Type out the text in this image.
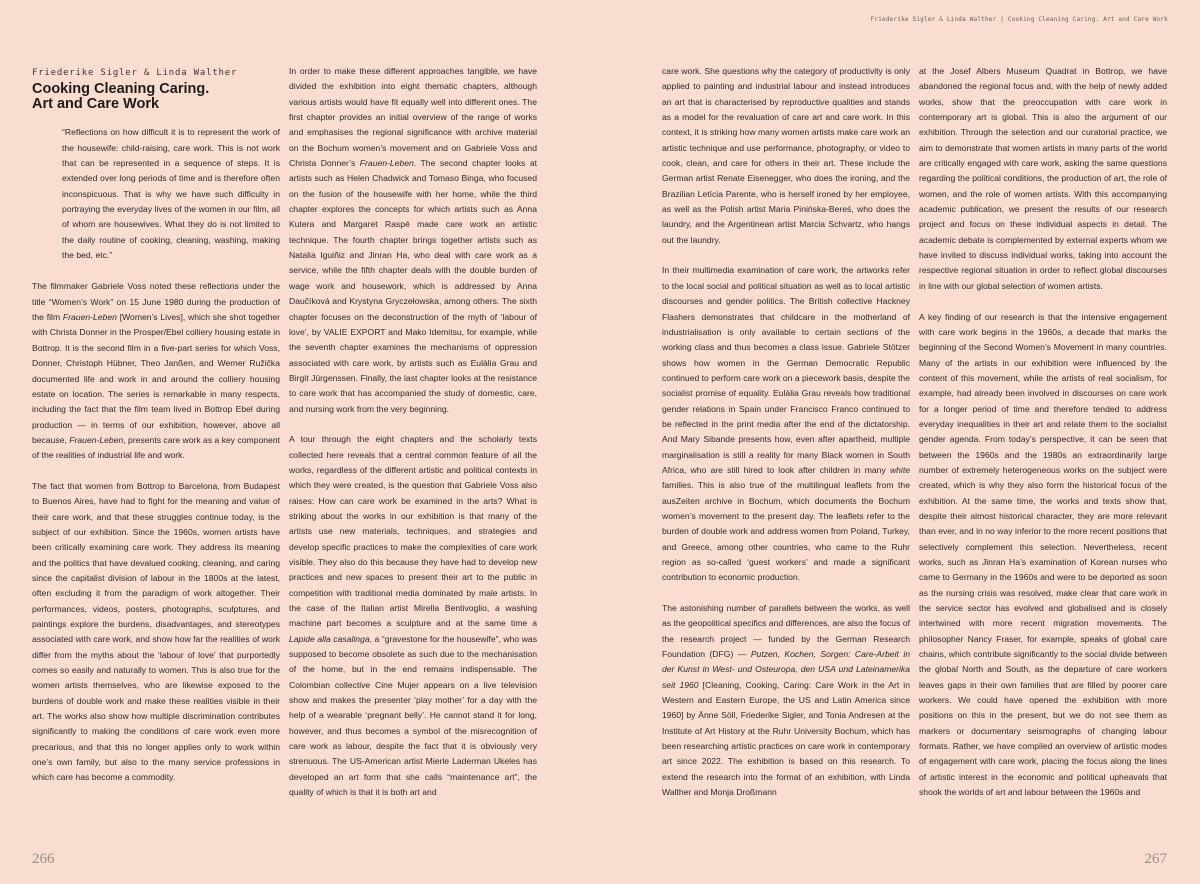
Friederike Sigler & Linda Walther
Cooking Cleaning Caring.
Art and Care Work
“Reflections on how difficult it is to represent the work of the housewife: child-raising, care work. This is not work that can be represented in a sequence of steps. It is extended over long periods of time and is therefore often inconspicuous. That is why we have such difficulty in portraying the everyday lives of the women in our film, all of whom are housewives. What they do is not limited to the daily routine of cooking, cleaning, washing, making the bed, etc.”

The filmmaker Gabriele Voss noted these reflections under the title “Women’s Work” on 15 June 1980 during the production of the film Frauen-Leben [Women’s Lives], which she shot together with Christa Donner in the Prosper/Ebel colliery housing estate in Bottrop. It is the second film in a five-part series for which Voss, Donner, Christoph Hübner, Theo Janßen, and Werner Ružička documented life and work in and around the colliery housing estate on location. The series is remarkable in many respects, including the fact that the film team lived in Bottrop Ebel during production — in terms of our exhibition, however, above all because, Frauen-Leben, presents care work as a key component of the realities of industrial life and work.

The fact that women from Bottrop to Barcelona, from Budapest to Buenos Aires, have had to fight for the meaning and value of their care work, and that these struggles continue today, is the subject of our exhibition. Since the 1960s, women artists have been critically examining care work. They address its meaning and the politics that have devalued cooking, cleaning, and caring since the capitalist division of labour in the 1800s at the latest, often excluding it from the paradigm of work altogether. Their performances, videos, posters, photographs, sculptures, and paintings explore the burdens, disadvantages, and stereotypes associated with care work, and show how far the realities of work differ from the myths about the ‘labour of love’ that purportedly comes so easily and naturally to women. This is also true for the women artists themselves, who are likewise exposed to the burdens of double work and make these realities visible in their art. The works also show how multiple discrimination contributes significantly to making the conditions of care work even more precarious, and that this no longer applies only to work within one’s own family, but also to the many service professions in which care has become a commodity.

In order to make these different approaches tangible, we have divided the exhibition into eight thematic chapters, although various artists would have fit equally well into different ones. The first chapter provides an initial overview of the range of works and emphasises the regional significance with archive material on the Bochum women’s movement and on Gabriele Voss and Christa Donner’s Frauen-Leben. The second chapter looks at artists such as Helen Chadwick and Tomaso Binga, who focused on the fusion of the housewife with her home, while the third chapter explores the concepts for which artists such as Anna Kutera and Margaret Raspé made care work an artistic technique. The fourth chapter brings together artists such as Natalia Iguiñiz and Jinran Ha, who deal with care work as a service, while the fifth chapter deals with the double burden of wage work and housework, which is addressed by Anna Daučíková and Krystyna Gryczełowska, among others. The sixth chapter focuses on the deconstruction of the myth of ‘labour of love’, by VALIE EXPORT and Mako Idemitsu, for example, while the seventh chapter examines the mechanisms of oppression associated with care work, by artists such as Eulàlia Grau and Birgit Jürgenssen. Finally, the last chapter looks at the resistance to care work that has accompanied the study of domestic, care, and nursing work from the very beginning.

A tour through the eight chapters and the scholarly texts collected here reveals that a central common feature of all the works, regardless of the different artistic and political contexts in which they were created, is the question that Gabriele Voss also raises: How can care work be examined in the arts? What is striking about the works in our exhibition is that many of the artists use new materials, techniques, and strategies and develop specific practices to make the complexities of care work visible. They also do this because they have had to develop new practices and new spaces to present their art to the public in competition with traditional media dominated by male artists. In the case of the Italian artist Mirella Bentivoglio, a washing machine part becomes a sculpture and at the same time a Lapide alla casalinga, a “gravestone for the housewife”, who was supposed to become obsolete as such due to the mechanisation of the home, but in the end remains indispensable. The Colombian collective Cine Mujer appears on a live television show and makes the presenter ‘play mother’ for a day with the help of a wearable ‘pregnant belly’. He cannot stand it for long, however, and thus becomes a symbol of the misrecognition of care work as labour, despite the fact that it is obviously very strenuous. The US-American artist Mierle Laderman Ukeles has developed an art form that she calls “maintenance art”, the quality of which is that it is both art and

266
Friederike Sigler & Linda Walther | Cooking Cleaning Caring. Art and Care Work

care work. She questions why the category of productivity is only applied to painting and industrial labour and instead introduces an art that is characterised by reproductive qualities and stands as a model for the revaluation of care art and care work. In this context, it is striking how many women artists make care work an artistic technique and use performance, photography, or video to cook, clean, and care for others in their art. These include the German artist Renate Eisenegger, who does the ironing, and the Brazilian Letícia Parente, who is herself ironed by her employee, as well as the Polish artist Maria Pinińska-Bereś, who does the laundry, and the Argentinean artist Marcia Schvartz, who hangs out the laundry.

In their multimedia examination of care work, the artworks refer to the local social and political situation as well as to local artistic discourses and gender politics. The British collective Hackney Flashers demonstrates that childcare in the motherland of industrialisation is only available to certain sections of the working class and thus becomes a class issue. Gabriele Stötzer shows how women in the German Democratic Republic continued to perform care work on a piecework basis, despite the socialist promise of equality. Eulàlia Grau reveals how traditional gender relations in Spain under Francisco Franco continued to be reflected in the print media after the end of the dictatorship. And Mary Sibande presents how, even after apartheid, multiple marginalisation is still a reality for many Black women in South Africa, who are still hired to look after children in many white families. This is also true of the multilingual leaflets from the ausZeiten archive in Bochum, which documents the Bochum women’s movement to the present day. The leaflets refer to the burden of double work and address women from Poland, Turkey, and Greece, among other countries, who came to the Ruhr region as so-called ‘guest workers’ and made a significant contribution to economic production.

The astonishing number of parallels between the works, as well as the geopolitical specifics and differences, are also the focus of the research project — funded by the German Research Foundation (DFG) — Putzen, Kochen, Sorgen: Care-Arbeit in der Kunst in West- und Osteuropa, den USA und Lateinamerika seit 1960 [Cleaning, Cooking, Caring: Care Work in the Art in Western and Eastern Europe, the US and Latin America since 1960] by Änne Söll, Friederike Sigler, and Tonia Andresen at the Institute of Art History at the Ruhr University Bochum, which has been researching artistic practices on care work in contemporary art since 2022. The exhibition is based on this research. To extend the research into the format of an exhibition, with Linda Walther and Monja Droßmann

at the Josef Albers Museum Quadrat in Bottrop, we have abandoned the regional focus and, with the help of newly added works, show that the preoccupation with care work in contemporary art is global. This is also the argument of our exhibition. Through the selection and our curatorial practice, we aim to demonstrate that women artists in many parts of the world are critically engaged with care work, asking the same questions regarding the political conditions, the production of art, the role of women, and the role of women artists. With this accompanying academic publication, we present the results of our research project and focus on these individual aspects in detail. The academic debate is complemented by external experts whom we have invited to discuss individual works, taking into account the respective regional situation in order to reflect global discourses in line with our global selection of women artists.

A key finding of our research is that the intensive engagement with care work begins in the 1960s, a decade that marks the beginning of the Second Women’s Movement in many countries. Many of the artists in our exhibition were influenced by the content of this movement, while the artists of real socialism, for example, had already been involved in discourses on care work for a longer period of time and therefore tended to address everyday inequalities in their art and relate them to the socialist gender agenda. From today’s perspective, it can be seen that between the 1960s and the 1980s an extraordinarily large number of extremely heterogeneous works on the subject were created, which is why they also form the historical focus of the exhibition. At the same time, the works and texts show that, despite their almost historical character, they are more relevant than ever, and in no way inferior to the more recent positions that selectively complement this selection. Nevertheless, recent works, such as Jinran Ha’s examination of Korean nurses who came to Germany in the 1960s and were to be deported as soon as the nursing crisis was resolved, make clear that care work in the service sector has evolved and globalised and is closely intertwined with more recent migration movements. The philosopher Nancy Fraser, for example, speaks of global care chains, which contribute significantly to the social divide between the global North and South, as the departure of care workers leaves gaps in their own families that are filled by poorer care workers. We could have opened the exhibition with more positions on this in the present, but we do not see them as markers or documentary seismographs of changing labour formats. Rather, we have compiled an overview of artistic modes of engagement with care work, placing the focus along the lines of artistic interest in the economic and political upheavals that shook the worlds of art and labour between the 1960s and

267
